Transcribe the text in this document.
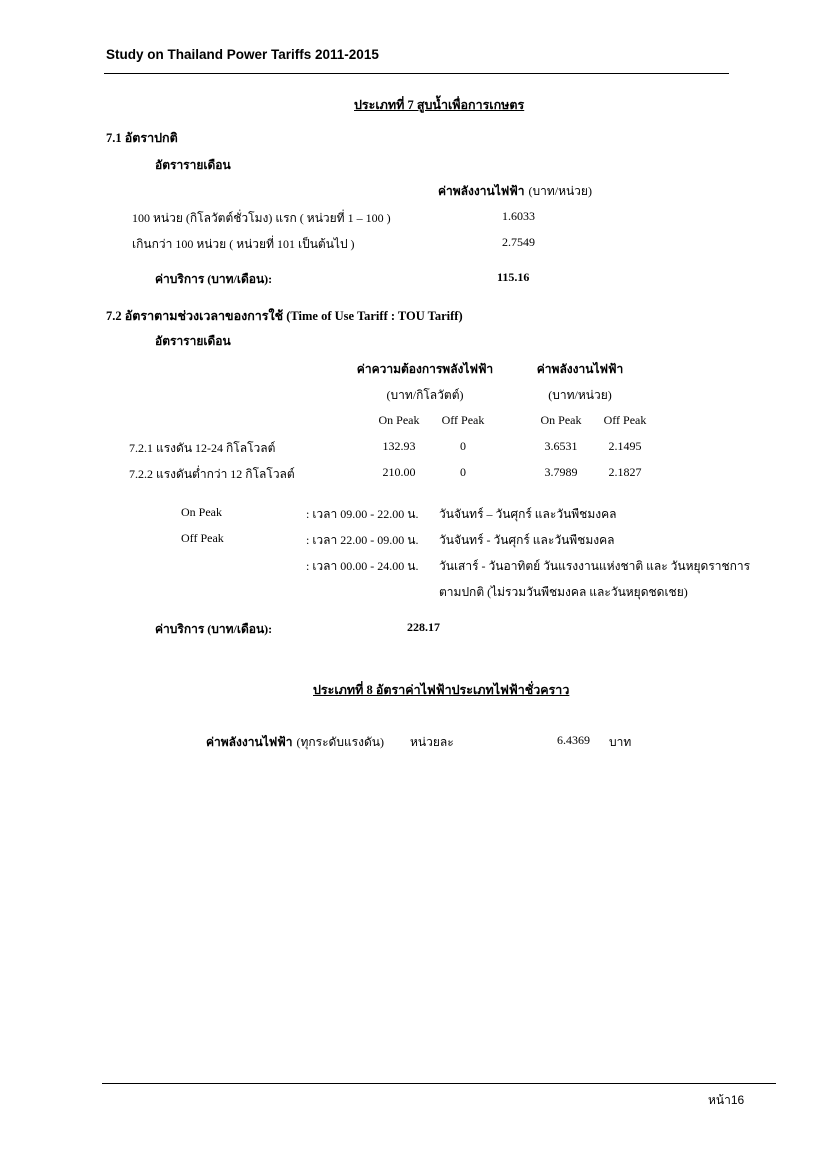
Study on Thailand Power Tariffs 2011-2015
ประเภทที่ 7 สูบน้ำเพื่อการเกษตร
7.1 อัตราปกติ
อัตรารายเดือน
ค่าพลังงานไฟฟ้า (บาท/หน่วย)
100 หน่วย (กิโลวัตต์ชั่วโมง) แรก ( หน่วยที่ 1 – 100 )	1.6033
เกินกว่า 100 หน่วย ( หน่วยที่ 101 เป็นต้นไป )	2.7549
ค่าบริการ (บาท/เดือน):	115.16
7.2 อัตราตามช่วงเวลาของการใช้ (Time of Use Tariff : TOU Tariff)
อัตรารายเดือน
ค่าความต้องการพลังไฟฟ้า
(บาท/กิโลวัตต์)
ค่าพลังงานไฟฟ้า
(บาท/หน่วย)
On Peak	Off Peak	On Peak	Off Peak
7.2.1 แรงดัน 12-24 กิโลโวลต์	132.93	0	3.6531	2.1495
7.2.2 แรงดันต่ำกว่า 12 กิโลโวลต์	210.00	0	3.7989	2.1827
On Peak	: เวลา 09.00 - 22.00 น. วันจันทร์ – วันศุกร์ และวันพืชมงคล
Off Peak	: เวลา 22.00 - 09.00 น. วันจันทร์ - วันศุกร์ และวันพืชมงคล
: เวลา 00.00 - 24.00 น. วันเสาร์ - วันอาทิตย์ วันแรงงานแห่งชาติ และ วันหยุดราชการ
ตามปกติ (ไม่รวมวันพืชมงคล และวันหยุดชดเชย)
ค่าบริการ (บาท/เดือน):	228.17
ประเภทที่ 8 อัตราค่าไฟฟ้าประเภทไฟฟ้าชั่วคราว
ค่าพลังงานไฟฟ้า (ทุกระดับแรงดัน) หน่วยละ	6.4369 บาท
หน้า16
